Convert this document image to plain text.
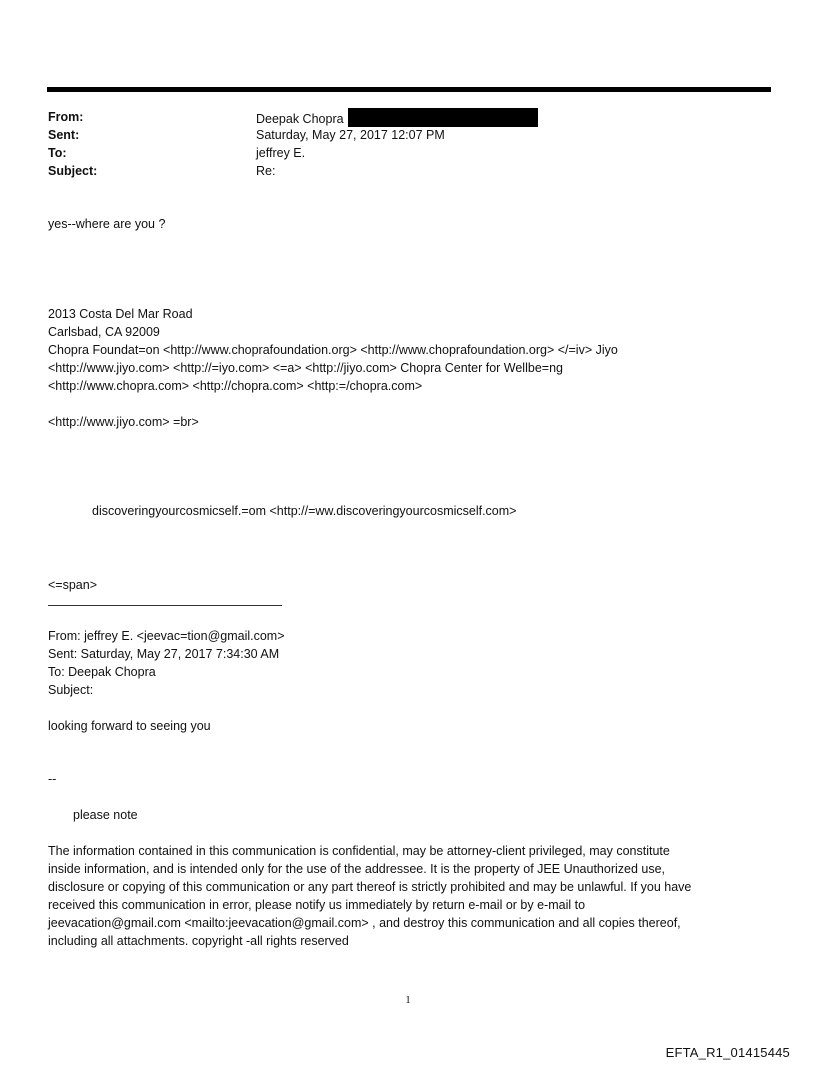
From:	Deepak Chopra
Sent:	Saturday, May 27, 2017 12:07 PM
To:	jeffrey E.
Subject:	Re:
yes--where are you ?
2013 Costa Del Mar Road
Carlsbad, CA 92009
Chopra Foundat=on <http://www.choprafoundation.org> <http://www.choprafoundation.org> </=iv> Jiyo
<http://www.jiyo.com> <http://=iyo.com> <=a> <http://jiyo.com> Chopra Center for Wellbe=ng
<http://www.chopra.com> <http://chopra.com> <http:=/chopra.com>
<http://www.jiyo.com> =br>
discoveringyourcosmicself.=om <http://=ww.discoveringyourcosmicself.com>
<=span>
From: jeffrey E. <jeevac=tion@gmail.com>
Sent: Saturday, May 27, 2017 7:34:30 AM
To: Deepak Chopra
Subject:
looking forward to seeing you
--
please note
The information contained in this communication is confidential, may be attorney-client privileged, may constitute
inside information, and is intended only for the use of the addressee. It is the property of JEE Unauthorized use,
disclosure or copying of this communication or any part thereof is strictly prohibited and may be unlawful. If you have
received this communication in error, please notify us immediately by return e-mail or by e-mail to
jeevacation@gmail.com <mailto:jeevacation@gmail.com> , and destroy this communication and all copies thereof,
including all attachments. copyright -all rights reserved
1
EFTA_R1_01415445
